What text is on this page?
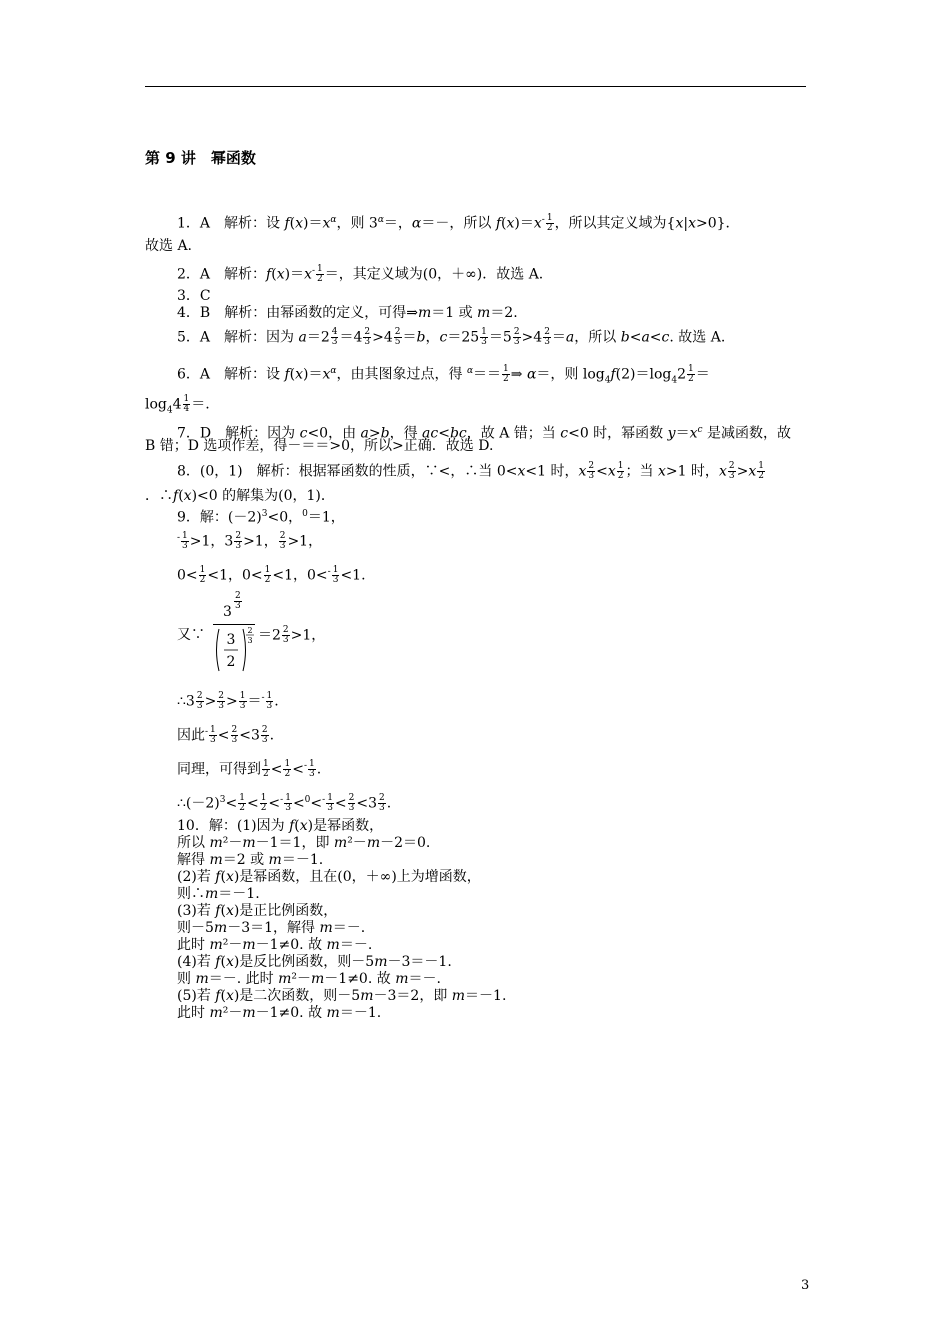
第 9 讲　幂函数
1．A　解析：设 $f(x)=x^\alpha$，则 $3^\alpha=$，α＝－，所以 $f(x)=x^- \frac{1}{2}$ ，所以其定义域为{x|x>0}．
故选 A.
2．A　解析：$f(x)=x^- \frac{1}{2}$ ＝，其定义域为(0，＋∞)．故选 A.
3．C
4．B　解析：由幂函数的定义，可得⇒m＝1 或 m＝2.
5．A　解析：因为 $a=2 \frac{4}{3} =4 \frac{2}{3} >4 \frac{2}{5} =b$，$c=25 \frac{1}{3} =5 \frac{2}{3} >4 \frac{2}{3} =a$，所以 b<a<c. 故选 A.
6．A　解析：设 $f(x)=x^\alpha$，由其图象过点，得 $^\alpha== \frac{1}{2}$ ⇒ α＝，则 $\log_4f(2)=\log_42 \frac{1}{2}$ ＝
$\log_44 \frac{1}{4}$ ＝.
7．D　解析：因为 c<0，由 a>b，得 ac<bc，故 A 错；当 c<0 时，幂函数 $y=x^c$ 是减函数，故
B 错；D 选项作差，得－＝＝>0，所以>正确．故选 D.
8．(0，1)　解析：根据幂函数的性质，∵<，∴当 0<x<1 时，x $\frac{2}{3} <x \frac{1}{2}$ ；当 x>1 时，x $\frac{2}{3} >x \frac{1}{2}$
．∴f(x)<0 的解集为(0，1)．
9．解：$(-2)^3<0$，$^0$＝1，
$^- \frac{1}{3} >1$，$3 \frac{2}{3} >1$， $\frac{2}{3} >1$，
$0< \frac{1}{2} <1$，$0< \frac{1}{2} <1$，$0<^- \frac{1}{3} <1$.
又∵
3
2
3
3
2
2
$3 =2 \frac{2}{3} >1$，
∴3 $\frac{2}{3} > \frac{2}{3} > \frac{1}{3} =^- \frac{1}{3}$ .
因此$^- \frac{1}{3} < \frac{2}{3} <3 \frac{2}{3}$ .
同理，可得到 $\frac{1}{2} < \frac{1}{2} <^- \frac{1}{3}$ .
$\therefore(-2)^3< \frac{1}{2} < \frac{1}{2} <^- \frac{1}{3} <^0<^- \frac{1}{3} < \frac{2}{3} <3 \frac{2}{3}$ .
10．解：(1)因为 f(x)是幂函数，
所以 m²－m－1＝1，即 m²－m－2＝0.
解得 m＝2 或 m＝－1.
(2)若 f(x)是幂函数，且在(0，＋∞)上为增函数，
则∴m＝－1.
(3)若 f(x)是正比例函数，
则－5m－3＝1，解得 m＝－.
此时 m²－m－1≠0. 故 m＝－.
(4)若 f(x)是反比例函数，则－5m－3＝－1.
则 m＝－. 此时 m²－m－1≠0. 故 m＝－.
(5)若 f(x)是二次函数，则－5m－3＝2，即 m＝－1.
此时 m²－m－1≠0. 故 m＝－1.
3
